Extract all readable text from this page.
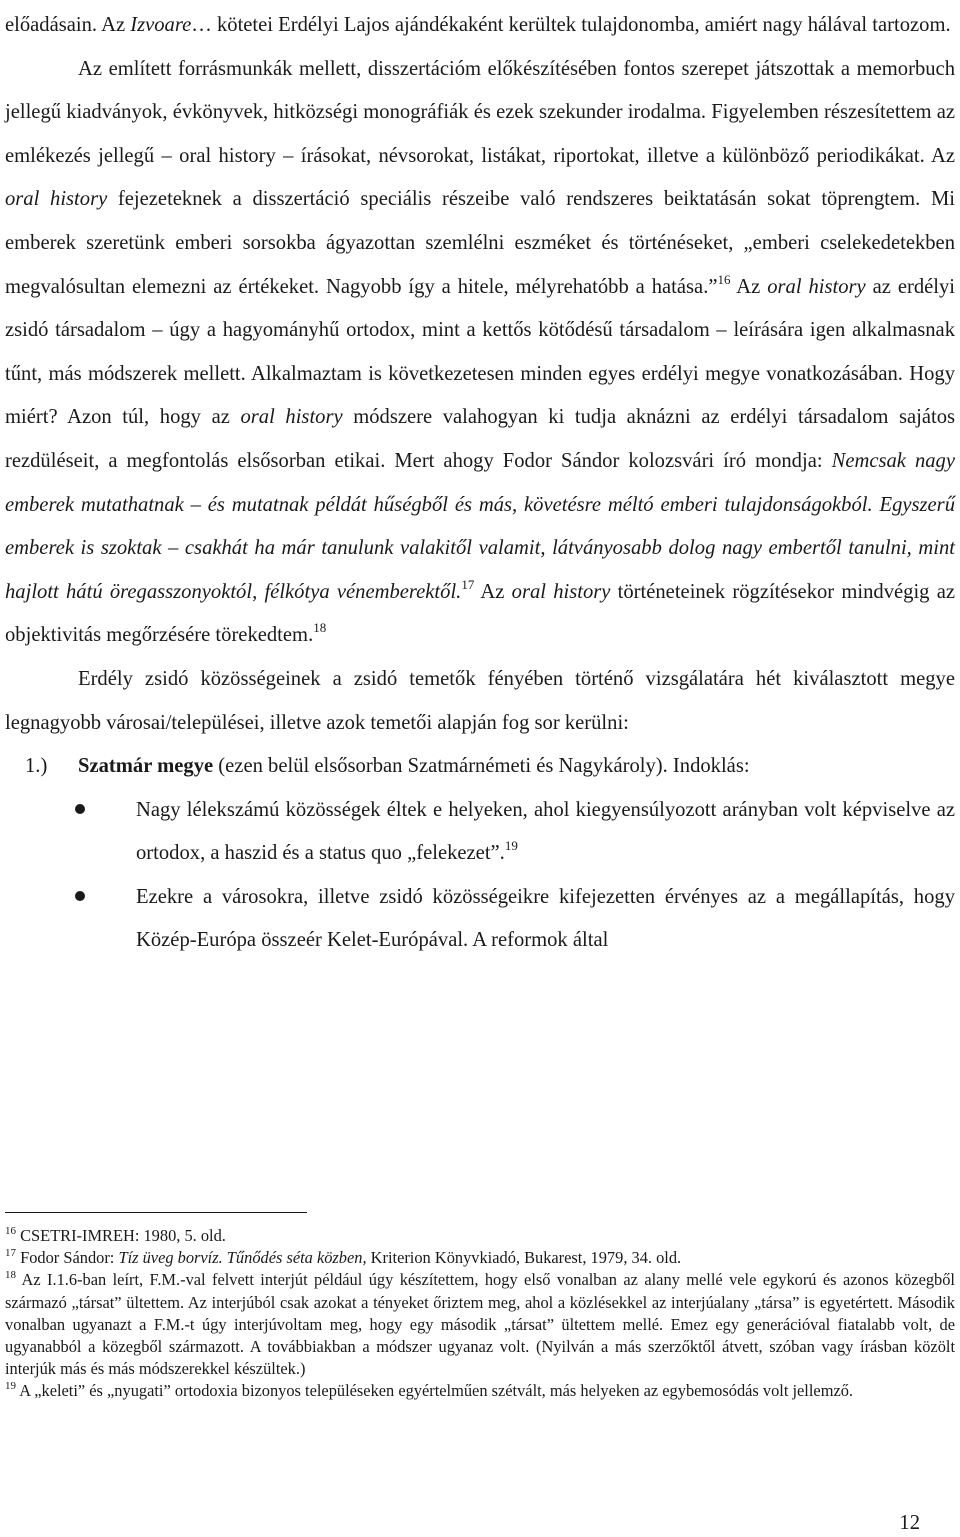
előadásain. Az Izvoare… kötetei Erdélyi Lajos ajándékaként kerültek tulajdonomba, amiért nagy hálával tartozom.

Az említett forrásmunkák mellett, disszertációm előkészítésében fontos szerepet játszottak a memorbuch jellegű kiadványok, évkönyvek, hitközségi monográfiák és ezek szekunder irodalma. Figyelemben részesítettem az emlékezés jellegű – oral history – írásokat, névsorokat, listákat, riportokat, illetve a különböző periodikákat. Az oral history fejezeteknek a disszertáció speciális részeibe való rendszeres beiktatásán sokat töprengtem. Mi emberek szeretünk emberi sorsokba ágyazottan szemlélni eszméket és történéseket, „emberi cselekedetekben megvalósultan elemezni az értékeket. Nagyobb így a hitele, mélyrehatóbb a hatása.”$^{16}$ Az oral history az erdélyi zsidó társadalom – úgy a hagyományhű ortodox, mint a kettős kötődésű társadalom – leírására igen alkalmasnak tűnt, más módszerek mellett. Alkalmaztam is következetesen minden egyes erdélyi megye vonatkozásában. Hogy miért? Azon túl, hogy az oral history módszere valahogyan ki tudja aknázni az erdélyi társadalom sajátos rezdüléseit, a megfontolás elsősorban etikai. Mert ahogy Fodor Sándor kolozsvári író mondja: Nemcsak nagy emberek mutathatnak – és mutatnak példát hűségből és más, követésre méltó emberi tulajdonságokból. Egyszerű emberek is szoktak – csakhát ha már tanulunk valakitől valamit, látványosabb dolog nagy embertől tanulni, mint hajlott hátú öregasszonyoktól, félkótya vénemberektől.$^{17}$ Az oral history történeteinek rögzítésekor mindvégig az objektivitás megőrzésére törekedtem.$^{18}$

Erdély zsidó közösségeinek a zsidó temetők fényében történő vizsgálatára hét kiválasztott megye legnagyobb városai/települései, illetve azok temetői alapján fog sor kerülni:

1.)	Szatmár megye (ezen belül elsősorban Szatmárnémeti és Nagykároly). Indoklás:
Nagy lélekszámú közösségek éltek e helyeken, ahol kiegyensúlyozott arányban volt képviselve az ortodox, a haszid és a status quo „felekezet”.$^{19}$
Ezekre a városokra, illetve zsidó közösségeikre kifejezetten érvényes az a megállapítás, hogy Közép-Európa összeér Kelet-Európával. A reformok által

$^{16}$ CSETRI-IMREH: 1980, 5. old.

$^{17}$ Fodor Sándor: Tíz üveg borvíz. Tűnődés séta közben, Kriterion Könyvkiadó, Bukarest, 1979, 34. old.

$^{18}$ Az I.1.6-ban leírt, F.M.-val felvett interjút például úgy készítettem, hogy első vonalban az alany mellé vele egykorú és azonos közegből származó „társat” ültettem. Az interjúból csak azokat a tényeket őriztem meg, ahol a közlésekkel az interjúalany „társa” is egyetértett. Második vonalban ugyanazt a F.M.-t úgy interjúvoltam meg, hogy egy második „társat” ültettem mellé. Emez egy generációval fiatalabb volt, de ugyanabból a közegből származott. A továbbiakban a módszer ugyanaz volt. (Nyilván a más szerzőktől átvett, szóban vagy írásban közölt interjúk más és más módszerekkel készültek.)

$^{19}$ A „keleti” és „nyugati” ortodoxia bizonyos településeken egyértelműen szétvált, más helyeken az egybemosódás volt jellemző.

12
